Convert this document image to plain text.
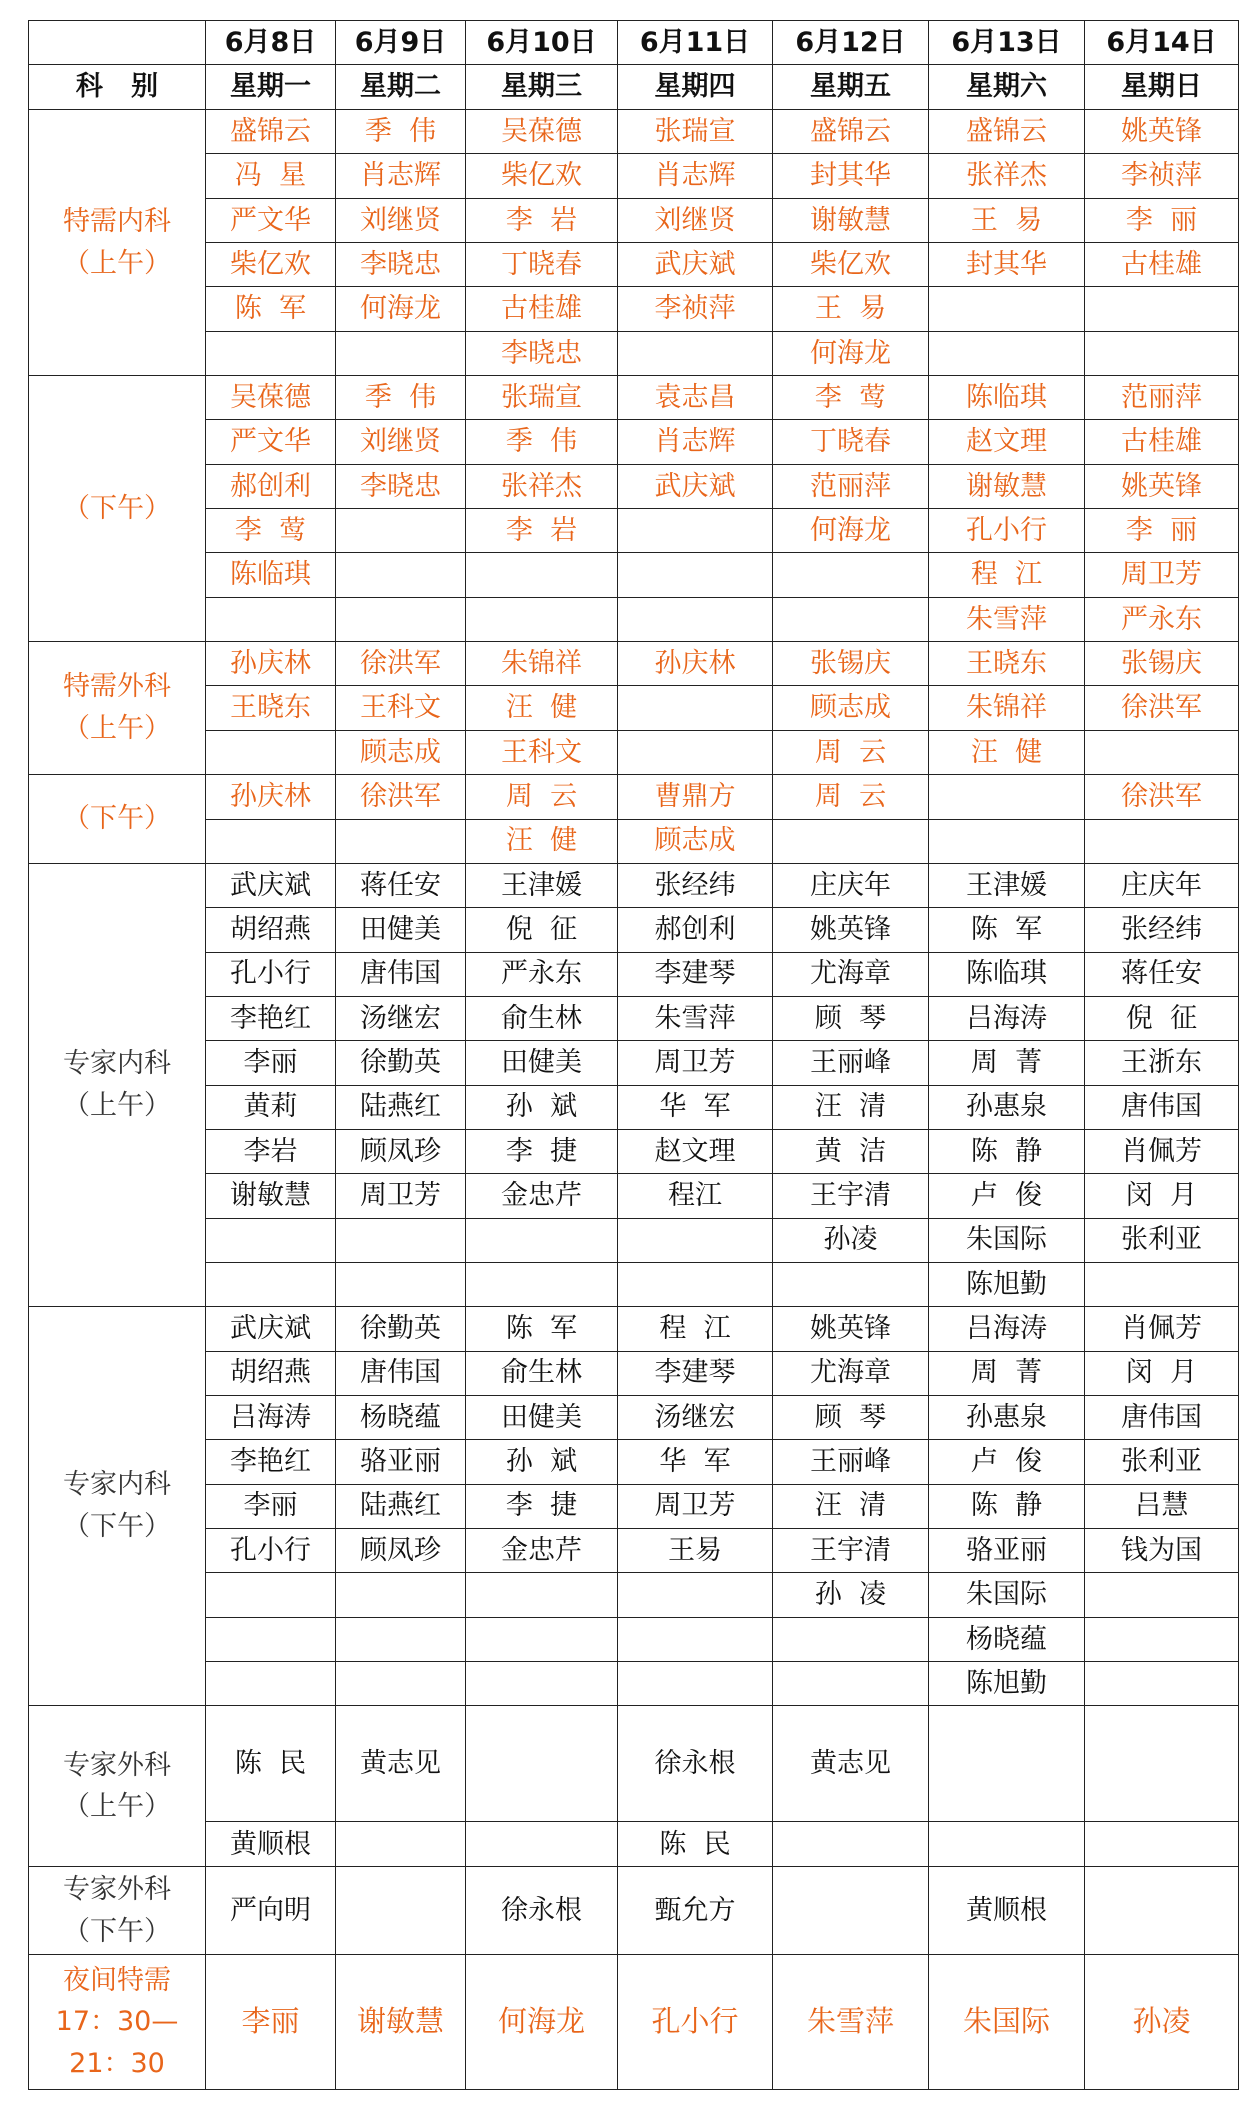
	6月8日	6月9日	6月10日	6月11日	6月12日	6月13日	6月14日
科   别	星期一	星期二	星期三	星期四	星期五	星期六	星期日

特需内科
（上午）	盛锦云	季  伟	吴葆德	张瑞宣	盛锦云	盛锦云	姚英锋
	冯  星	肖志辉	柴亿欢	肖志辉	封其华	张祥杰	李祯萍
	严文华	刘继贤	李  岩	刘继贤	谢敏慧	王  易	李  丽
	柴亿欢	李晓忠	丁晓春	武庆斌	柴亿欢	封其华	古桂雄
	陈  军	何海龙	古桂雄	李祯萍	王  易		
			李晓忠		何海龙		

（下午）	吴葆德	季  伟	张瑞宣	袁志昌	李  莺	陈临琪	范丽萍
	严文华	刘继贤	季  伟	肖志辉	丁晓春	赵文理	古桂雄
	郝创利	李晓忠	张祥杰	武庆斌	范丽萍	谢敏慧	姚英锋
	李  莺		李  岩		何海龙	孔小行	李  丽
	陈临琪					程  江	周卫芳
						朱雪萍	严永东

特需外科
（上午）	孙庆林	徐洪军	朱锦祥	孙庆林	张锡庆	王晓东	张锡庆
	王晓东	王科文	汪  健		顾志成	朱锦祥	徐洪军
		顾志成	王科文		周  云	汪  健	

（下午）	孙庆林	徐洪军	周  云	曹鼎方	周  云		徐洪军
			汪  健	顾志成			

专家内科
（上午）	武庆斌	蒋任安	王津媛	张经纬	庄庆年	王津媛	庄庆年
	胡绍燕	田健美	倪  征	郝创利	姚英锋	陈  军	张经纬
	孔小行	唐伟国	严永东	李建琴	尤海章	陈临琪	蒋任安
	李艳红	汤继宏	俞生林	朱雪萍	顾  琴	吕海涛	倪  征
	李丽	徐勤英	田健美	周卫芳	王丽峰	周  菁	王浙东
	黄莉	陆燕红	孙  斌	华  军	汪  清	孙惠泉	唐伟国
	李岩	顾凤珍	李  捷	赵文理	黄  洁	陈  静	肖佩芳
	谢敏慧	周卫芳	金忠芹	程江	王宇清	卢  俊	闵  月
					孙凌	朱国际	张利亚
						陈旭勤	

专家内科
（下午）	武庆斌	徐勤英	陈  军	程  江	姚英锋	吕海涛	肖佩芳
	胡绍燕	唐伟国	俞生林	李建琴	尤海章	周  菁	闵  月
	吕海涛	杨晓蕴	田健美	汤继宏	顾  琴	孙惠泉	唐伟国
	李艳红	骆亚丽	孙  斌	华  军	王丽峰	卢  俊	张利亚
	李丽	陆燕红	李  捷	周卫芳	汪  清	陈  静	吕慧
	孔小行	顾凤珍	金忠芹	王易	王宇清	骆亚丽	钱为国
					孙  凌	朱国际	
						杨晓蕴	
						陈旭勤	

专家外科
（上午）	陈  民	黄志见		徐永根	黄志见		
	黄顺根			陈  民			

专家外科
（下午）	严向明		徐永根	甄允方		黄顺根	

夜间特需
17：30—
21：30	李丽	谢敏慧	何海龙	孔小行	朱雪萍	朱国际	孙凌
